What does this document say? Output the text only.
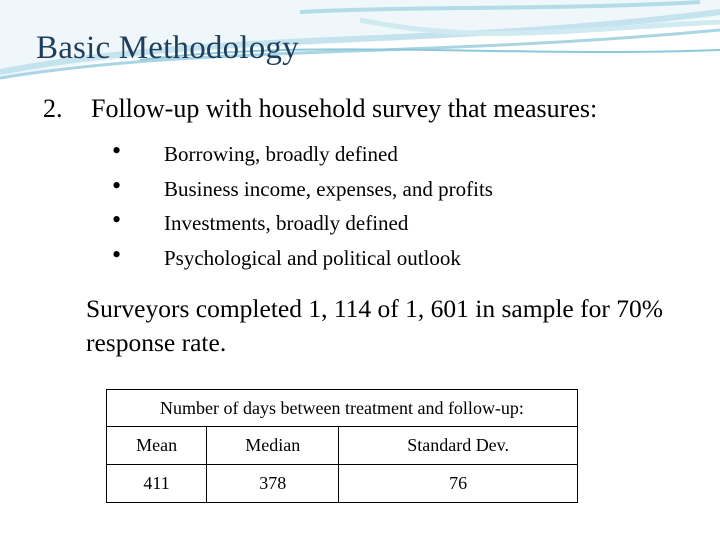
Basic Methodology
2. Follow-up with household survey that measures:
• Borrowing, broadly defined
• Business income, expenses, and profits
• Investments, broadly defined
• Psychological and political outlook
Surveyors completed 1, 114 of 1, 601 in sample for 70% response rate.
Number of days between treatment and follow-up:		
Mean	Median	Standard Dev.
411	378	76
